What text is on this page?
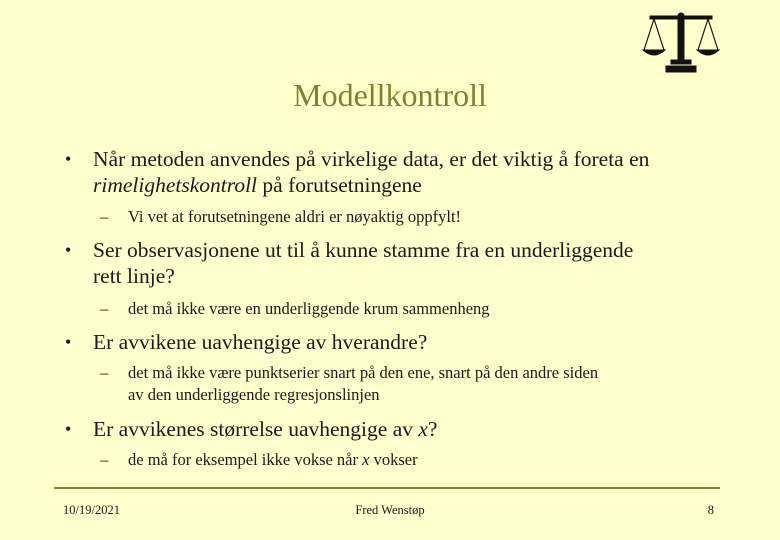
Modellkontroll
• Når metoden anvendes på virkelige data, er det viktig å foreta en
rimelighetskontroll på forutsetningene
– Vi vet at forutsetningene aldri er nøyaktig oppfylt!
• Ser observasjonene ut til å kunne stamme fra en underliggende
rett linje?
– det må ikke være en underliggende krum sammenheng
• Er avvikene uavhengige av hverandre?
– det må ikke være punktserier snart på den ene, snart på den andre siden
av den underliggende regresjonslinjen
• Er avvikenes størrelse uavhengige av x?
– de må for eksempel ikke vokse når x vokser
10/19/2021	Fred Wenstøp	8
